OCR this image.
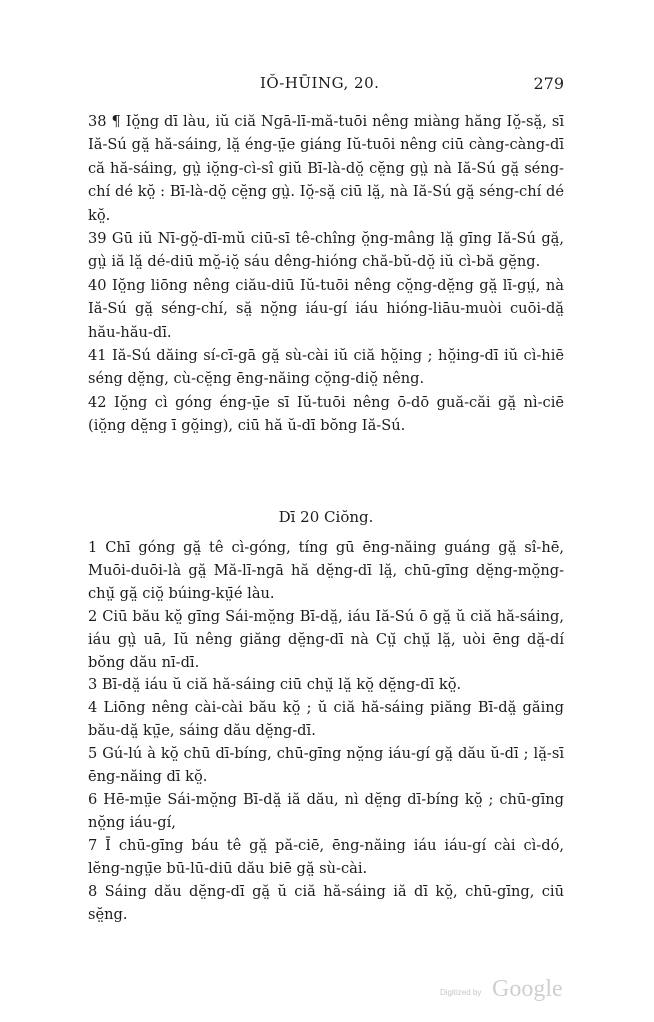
IŎ-HŪING, 20.	279

38 ¶ Iŏ̤ng dī làu, iŭ ciă Ngā-lī-mă-tuōi nêng miàng hăng Iŏ̤-să̤, sī Iă-Sú gă̤ hă-sáing, lă̤ éng-ṳ̄e giáng Iŭ-tuōi nêng ciū càng-càng-dī că hă-sáing, gṳ̀ iŏ̤ng-cì-sî giŭ Bī-là-dŏ̤ cĕ̤ng gṳ̀ nà Iă-Sú gă̤ séng-chí dé kŏ̤ : Bī-là-dŏ̤ cĕ̤ng gṳ̀. Iŏ̤-să̤ ciū lă̤, nà Iă-Sú gă̤ séng-chí dé kŏ̤.

39 Gū iŭ Nī-gŏ̤-dī-mŭ ciū-sī tê-chîng ŏ̤ng-mâng lă̤ gīng Iă-Sú gă̤, gṳ̀ iă lă̤ dé-diū mŏ̤-iŏ̤ sáu dêng-hióng chă-bŭ-dŏ̤ iŭ cì-bă gĕ̤ng.

40 Iŏ̤ng liōng nêng ciău-diū Iŭ-tuōi nêng cŏ̤ng-dĕ̤ng gă̤ lī-gṳ́, nà Iă-Sú gă̤ séng-chí, să̤ nŏ̤ng iáu-gí iáu hióng-liāu-muòi cuōi-dă̤ hău-hău-dī.

41 Iă-Sú dăing sí-cī-gā gă̤ sù-cài iŭ ciă hŏ̤ing ; hŏ̤ing-dī iŭ cì-hiē séng dĕ̤ng, cù-cĕ̤ng ēng-năing cŏ̤ng-diŏ̤ nêng.

42 Iŏ̤ng cì góng éng-ṳ̄e sī Iŭ-tuōi nêng ō-dō guă-căi gă̤ nì-ciē (iŏ̤ng dĕ̤ng ī gŏ̤ing), ciū hă ŭ-dī bŏng Iă-Sú.

Dī 20 Ciŏng.

1 Chī góng gă̤ tê cì-góng, tíng gū ēng-năing guáng gă̤ sî-hē, Muōi-duōi-là gă̤ Mă-lī-ngā hă dĕ̤ng-dī lă̤, chū-gīng dĕ̤ng-mŏ̤ng-chṳ̆ gă̤ ciŏ̤ búing-kṳ̄é làu.

2 Ciū bău kŏ̤ gīng Sái-mŏ̤ng Bī-dă̤, iáu Iă-Sú ō gă̤ ŭ ciă hă-sáing, iáu gṳ̀ uā, Iŭ nêng giăng dĕ̤ng-dī nà Cṳ̆ chṳ̆ lă̤, uòi ēng dă̤-dí bŏng dău nī-dī.

3 Bī-dă̤ iáu ŭ ciă hă-sáing ciū chṳ̆ lă̤ kŏ̤ dĕ̤ng-dī kŏ̤.

4 Liōng nêng cài-cài bău kŏ̤ ; ŭ ciă hă-sáing piăng Bī-dă̤ găing bău-dă̤ kṳ̄e, sáing dău dĕ̤ng-dī.

5 Gú-lú à kŏ̤ chū dī-bíng, chū-gīng nŏ̤ng iáu-gí gă̤ dău ŭ-dī ; lă̤-sī ēng-năing dī kŏ̤.

6 Hē-mṳ̄e Sái-mŏ̤ng Bī-dă̤ iă dău, nì dĕ̤ng dī-bíng kŏ̤ ; chū-gīng nŏ̤ng iáu-gí,

7 Ī chū-gīng báu tê gă̤ pă-ciē, ēng-năing iáu iáu-gí cài cì-dó, lĕng-ngṳ̄e bū-lū-diū dău biē gă̤ sù-cài.

8 Sáing dău dĕ̤ng-dī gă̤ ŭ ciă hă-sáing iă dī kŏ̤, chū-gīng, ciū sĕ̤ng.

Digitized by Google
